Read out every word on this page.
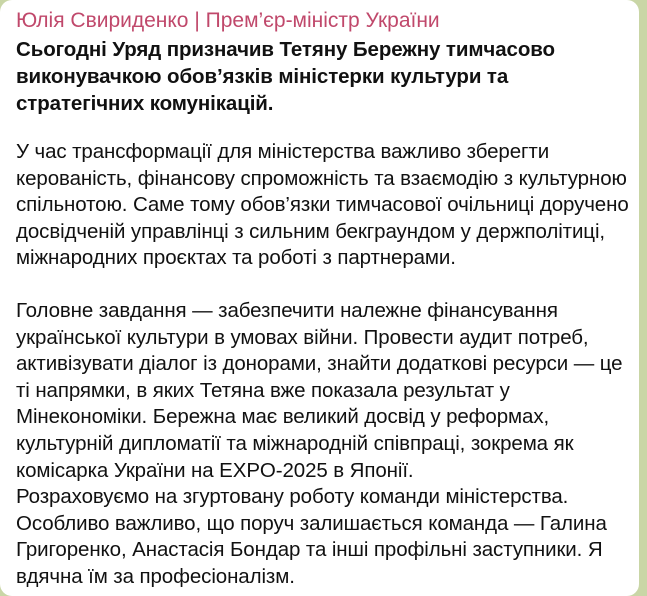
Юлія Свириденко | Прем’єр-міністр України
Сьогодні Уряд призначив Тетяну Бережну тимчасово виконувачкою обов’язків міністерки культури та стратегічних комунікацій.

У час трансформації для міністерства важливо зберегти керованість, фінансову спроможність та взаємодію з культурною спільнотою. Саме тому обов’язки тимчасової очільниці доручено досвідченій управлінці з сильним бекграундом у держполітиці, міжнародних проєктах та роботі з партнерами.

Головне завдання — забезпечити належне фінансування української культури в умовах війни. Провести аудит потреб, активізувати діалог із донорами, знайти додаткові ресурси — це ті напрямки, в яких Тетяна вже показала результат у Мінекономіки. Бережна має великий досвід у реформах, культурній дипломатії та міжнародній співпраці, зокрема як комісарка України на EXPO-2025 в Японії.

Розраховуємо на згуртовану роботу команди міністерства. Особливо важливо, що поруч залишається команда — Галина Григоренко, Анастасія Бондар та інші профільні заступники. Я вдячна їм за професіоналізм.
